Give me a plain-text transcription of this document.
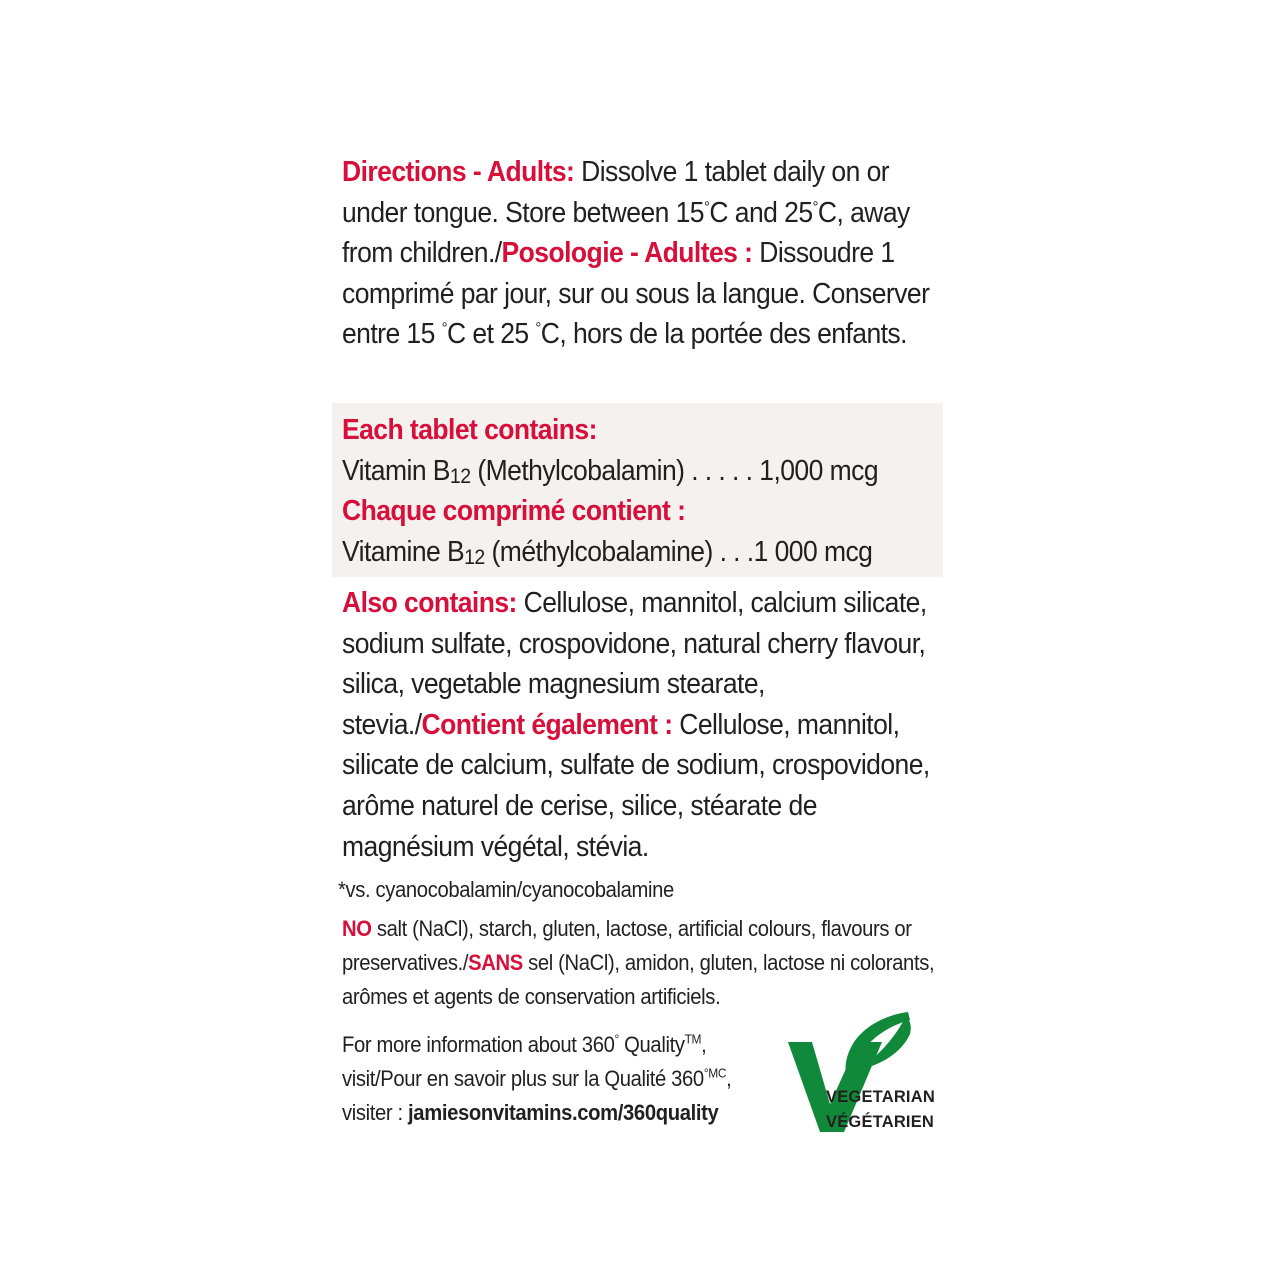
Directions - Adults: Dissolve 1 tablet daily on or under tongue. Store between 15°C and 25°C, away from children./Posologie - Adultes : Dissoudre 1 comprimé par jour, sur ou sous la langue. Conserver entre 15 °C et 25 °C, hors de la portée des enfants.
Each tablet contains:
Vitamin B12 (Methylcobalamin) . . . . . 1,000 mcg
Chaque comprimé contient :
Vitamine B12 (méthylcobalamine) . . .1 000 mcg
Also contains: Cellulose, mannitol, calcium silicate, sodium sulfate, crospovidone, natural cherry flavour, silica, vegetable magnesium stearate, stevia./Contient également : Cellulose, mannitol, silicate de calcium, sulfate de sodium, crospovidone, arôme naturel de cerise, silice, stéarate de magnésium végétal, stévia.
*vs. cyanocobalamin/cyanocobalamine
NO salt (NaCl), starch, gluten, lactose, artificial colours, flavours or preservatives./SANS sel (NaCl), amidon, gluten, lactose ni colorants, arômes et agents de conservation artificiels.
For more information about 360° Quality™,
visit/Pour en savoir plus sur la Qualité $360^{^\circ MC}$,
visiter : jamiesonvitamins.com/360quality
VEGETARIAN
VÉGÉTARIEN
